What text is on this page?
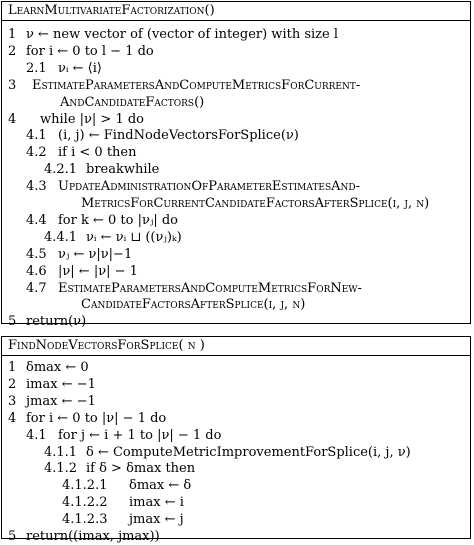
LearnMultivariateFactorization()
1 ν ← new vector of (vector of integer) with size l
2 for i ← 0 to l − 1 do
2.1 νᵢ ← ⟨i⟩
3 EstimateParametersAndComputeMetricsForCurrent-
AndCandidateFactors()
4 while |ν| > 1 do
4.1 (i, j) ← FindNodeVectorsForSplice(ν)
4.2 if i < 0 then
4.2.1 breakwhile
4.3 UpdateAdministrationOfParameterEstimatesAnd-
MetricsForCurrentCandidateFactorsAfterSplice(i, j, ν)
4.4 for k ← 0 to |νⱼ| do
4.4.1 νᵢ ← νᵢ ⊔ ((νⱼ)ₖ)
4.5 νⱼ ← ν|ν|−1
4.6 |ν| ← |ν| − 1
4.7 EstimateParametersAndComputeMetricsForNew-
CandidateFactorsAfterSplice(i, j, ν)
5 return(ν)
FindNodeVectorsForSplice( ν )
1 δmax ← 0
2 imax ← −1
3 jmax ← −1
4 for i ← 0 to |ν| − 1 do
4.1 for j ← i + 1 to |ν| − 1 do
4.1.1 δ ← ComputeMetricImprovementForSplice(i, j, ν)
4.1.2 if δ > δmax then
4.1.2.1 δmax ← δ
4.1.2.2 imax ← i
4.1.2.3 jmax ← j
5 return((imax, jmax))
